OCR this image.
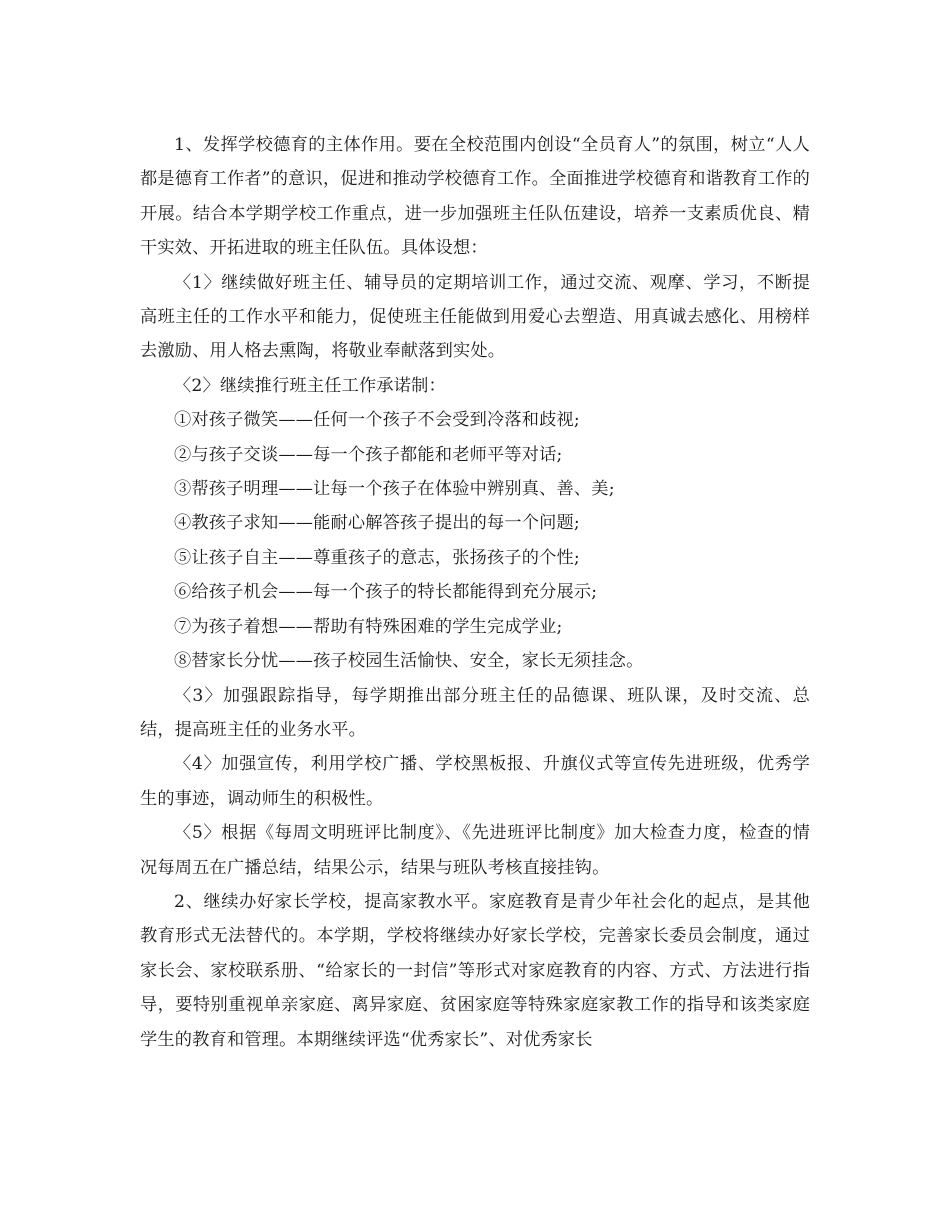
1、发挥学校德育的主体作用。要在全校范围内创设“全员育人”的氛围，树立“人人都是德育工作者”的意识，促进和推动学校德育工作。全面推进学校德育和谐教育工作的开展。结合本学期学校工作重点，进一步加强班主任队伍建设，培养一支素质优良、精干实效、开拓进取的班主任队伍。具体设想：

〈1〉继续做好班主任、辅导员的定期培训工作，通过交流、观摩、学习，不断提高班主任的工作水平和能力，促使班主任能做到用爱心去塑造、用真诚去感化、用榜样去激励、用人格去熏陶，将敬业奉献落到实处。

〈2〉继续推行班主任工作承诺制：

①对孩子微笑——任何一个孩子不会受到冷落和歧视;

②与孩子交谈——每一个孩子都能和老师平等对话;

③帮孩子明理——让每一个孩子在体验中辨别真、善、美;

④教孩子求知——能耐心解答孩子提出的每一个问题;

⑤让孩子自主——尊重孩子的意志，张扬孩子的个性;

⑥给孩子机会——每一个孩子的特长都能得到充分展示;

⑦为孩子着想——帮助有特殊困难的学生完成学业;

⑧替家长分忧——孩子校园生活愉快、安全，家长无须挂念。

〈3〉加强跟踪指导，每学期推出部分班主任的品德课、班队课，及时交流、总结，提高班主任的业务水平。

〈4〉加强宣传，利用学校广播、学校黑板报、升旗仪式等宣传先进班级，优秀学生的事迹，调动师生的积极性。

〈5〉根据《每周文明班评比制度》、《先进班评比制度》加大检查力度，检查的情况每周五在广播总结，结果公示，结果与班队考核直接挂钩。

2、继续办好家长学校，提高家教水平。家庭教育是青少年社会化的起点，是其他教育形式无法替代的。本学期，学校将继续办好家长学校，完善家长委员会制度，通过家长会、家校联系册、“给家长的一封信”等形式对家庭教育的内容、方式、方法进行指导，要特别重视单亲家庭、离异家庭、贫困家庭等特殊家庭家教工作的指导和该类家庭学生的教育和管理。本期继续评选“优秀家长”、对优秀家长
